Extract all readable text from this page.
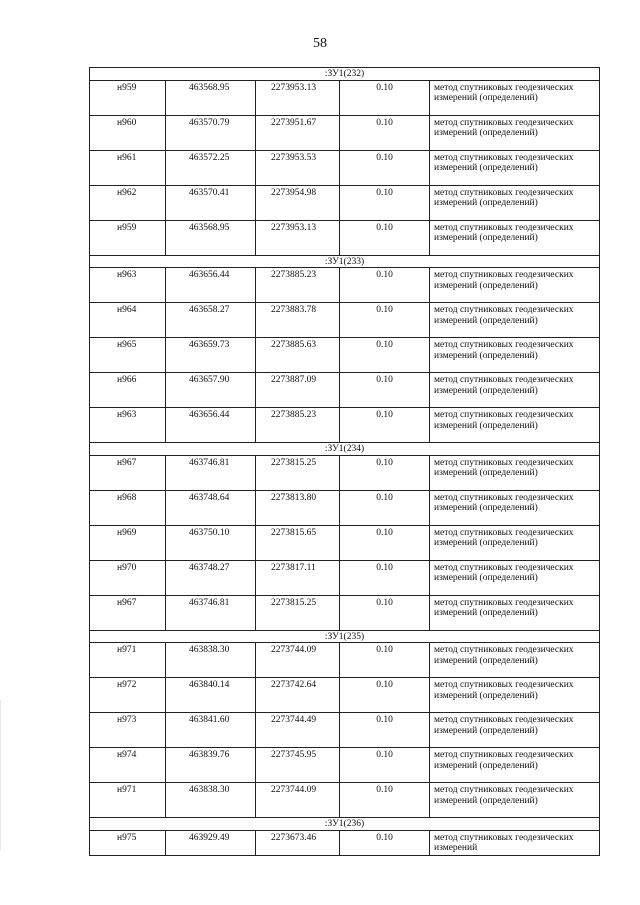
58
:ЗУ1(232)				
н959	463568.95	2273953.13	0.10	метод спутниковых геодезических измерений (определений)
н960	463570.79	2273951.67	0.10	метод спутниковых геодезических измерений (определений)
н961	463572.25	2273953.53	0.10	метод спутниковых геодезических измерений (определений)
н962	463570.41	2273954.98	0.10	метод спутниковых геодезических измерений (определений)
н959	463568.95	2273953.13	0.10	метод спутниковых геодезических измерений (определений)
:ЗУ1(233)				
н963	463656.44	2273885.23	0.10	метод спутниковых геодезических измерений (определений)
н964	463658.27	2273883.78	0.10	метод спутниковых геодезических измерений (определений)
н965	463659.73	2273885.63	0.10	метод спутниковых геодезических измерений (определений)
н966	463657.90	2273887.09	0.10	метод спутниковых геодезических измерений (определений)
н963	463656.44	2273885.23	0.10	метод спутниковых геодезических измерений (определений)
:ЗУ1(234)				
н967	463746.81	2273815.25	0.10	метод спутниковых геодезических измерений (определений)
н968	463748.64	2273813.80	0.10	метод спутниковых геодезических измерений (определений)
н969	463750.10	2273815.65	0.10	метод спутниковых геодезических измерений (определений)
н970	463748.27	2273817.11	0.10	метод спутниковых геодезических измерений (определений)
н967	463746.81	2273815.25	0.10	метод спутниковых геодезических измерений (определений)
:ЗУ1(235)				
н971	463838.30	2273744.09	0.10	метод спутниковых геодезических измерений (определений)
н972	463840.14	2273742.64	0.10	метод спутниковых геодезических измерений (определений)
н973	463841.60	2273744.49	0.10	метод спутниковых геодезических измерений (определений)
н974	463839.76	2273745.95	0.10	метод спутниковых геодезических измерений (определений)
н971	463838.30	2273744.09	0.10	метод спутниковых геодезических измерений (определений)
:ЗУ1(236)				
н975	463929.49	2273673.46	0.10	метод спутниковых геодезических измерений
